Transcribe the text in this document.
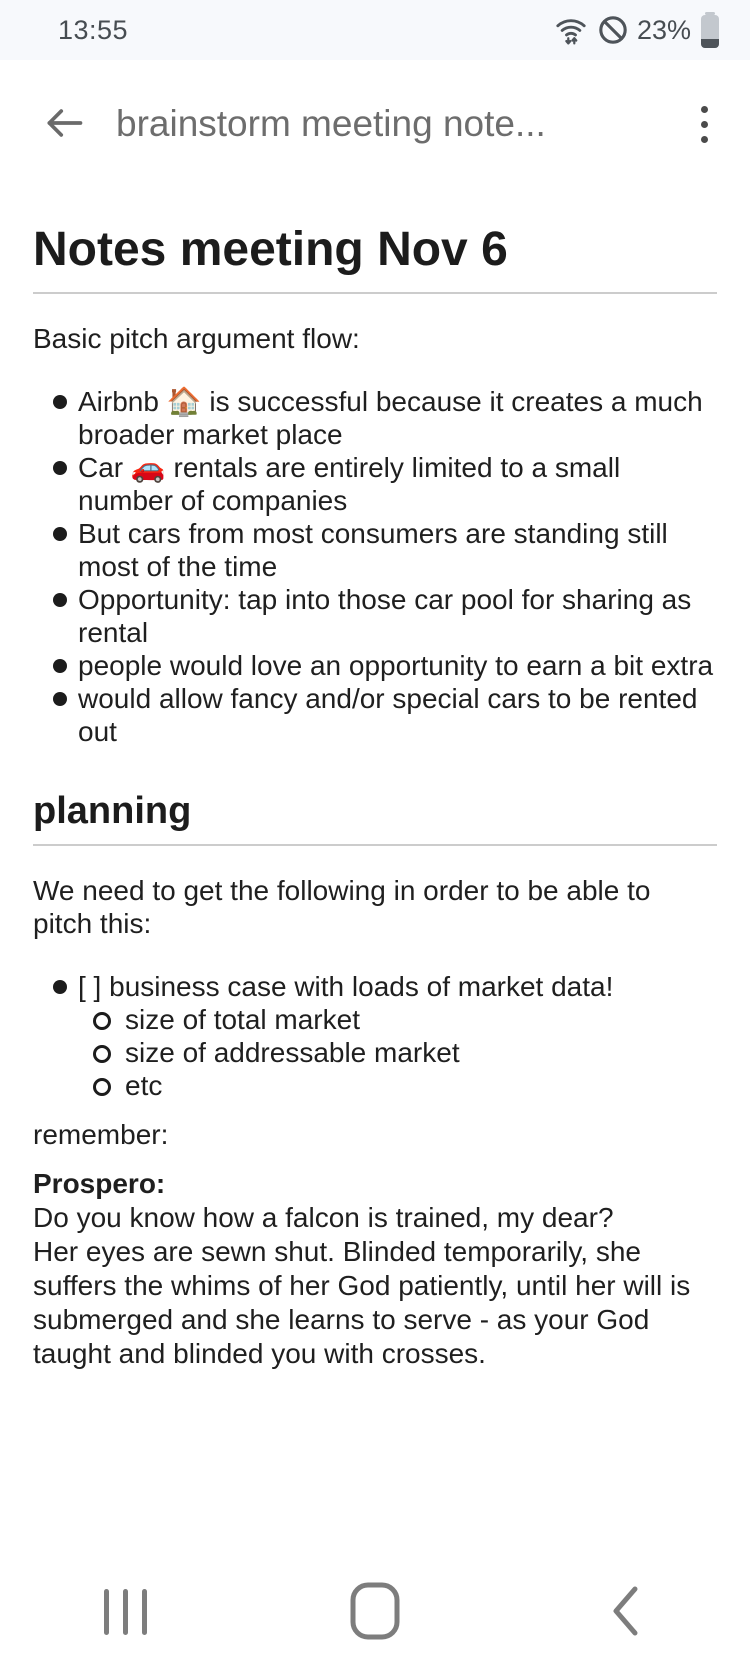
13:55	23%
brainstorm meeting note...
Notes meeting Nov 6

Basic pitch argument flow:

Airbnb 🏠 is successful because it creates a much broader market place
Car 🚗 rentals are entirely limited to a small number of companies
But cars from most consumers are standing still most of the time
Opportunity: tap into those car pool for sharing as rental
people would love an opportunity to earn a bit extra
would allow fancy and/or special cars to be rented out
planning

We need to get the following in order to be able to pitch this:

[ ] business case with loads of market data!
size of total market
size of addressable market
etc

remember:

Prospero:
Do you know how a falcon is trained, my dear?
Her eyes are sewn shut. Blinded temporarily, she suffers the whims of her God patiently, until her will is submerged and she learns to serve - as your God taught and blinded you with crosses.
